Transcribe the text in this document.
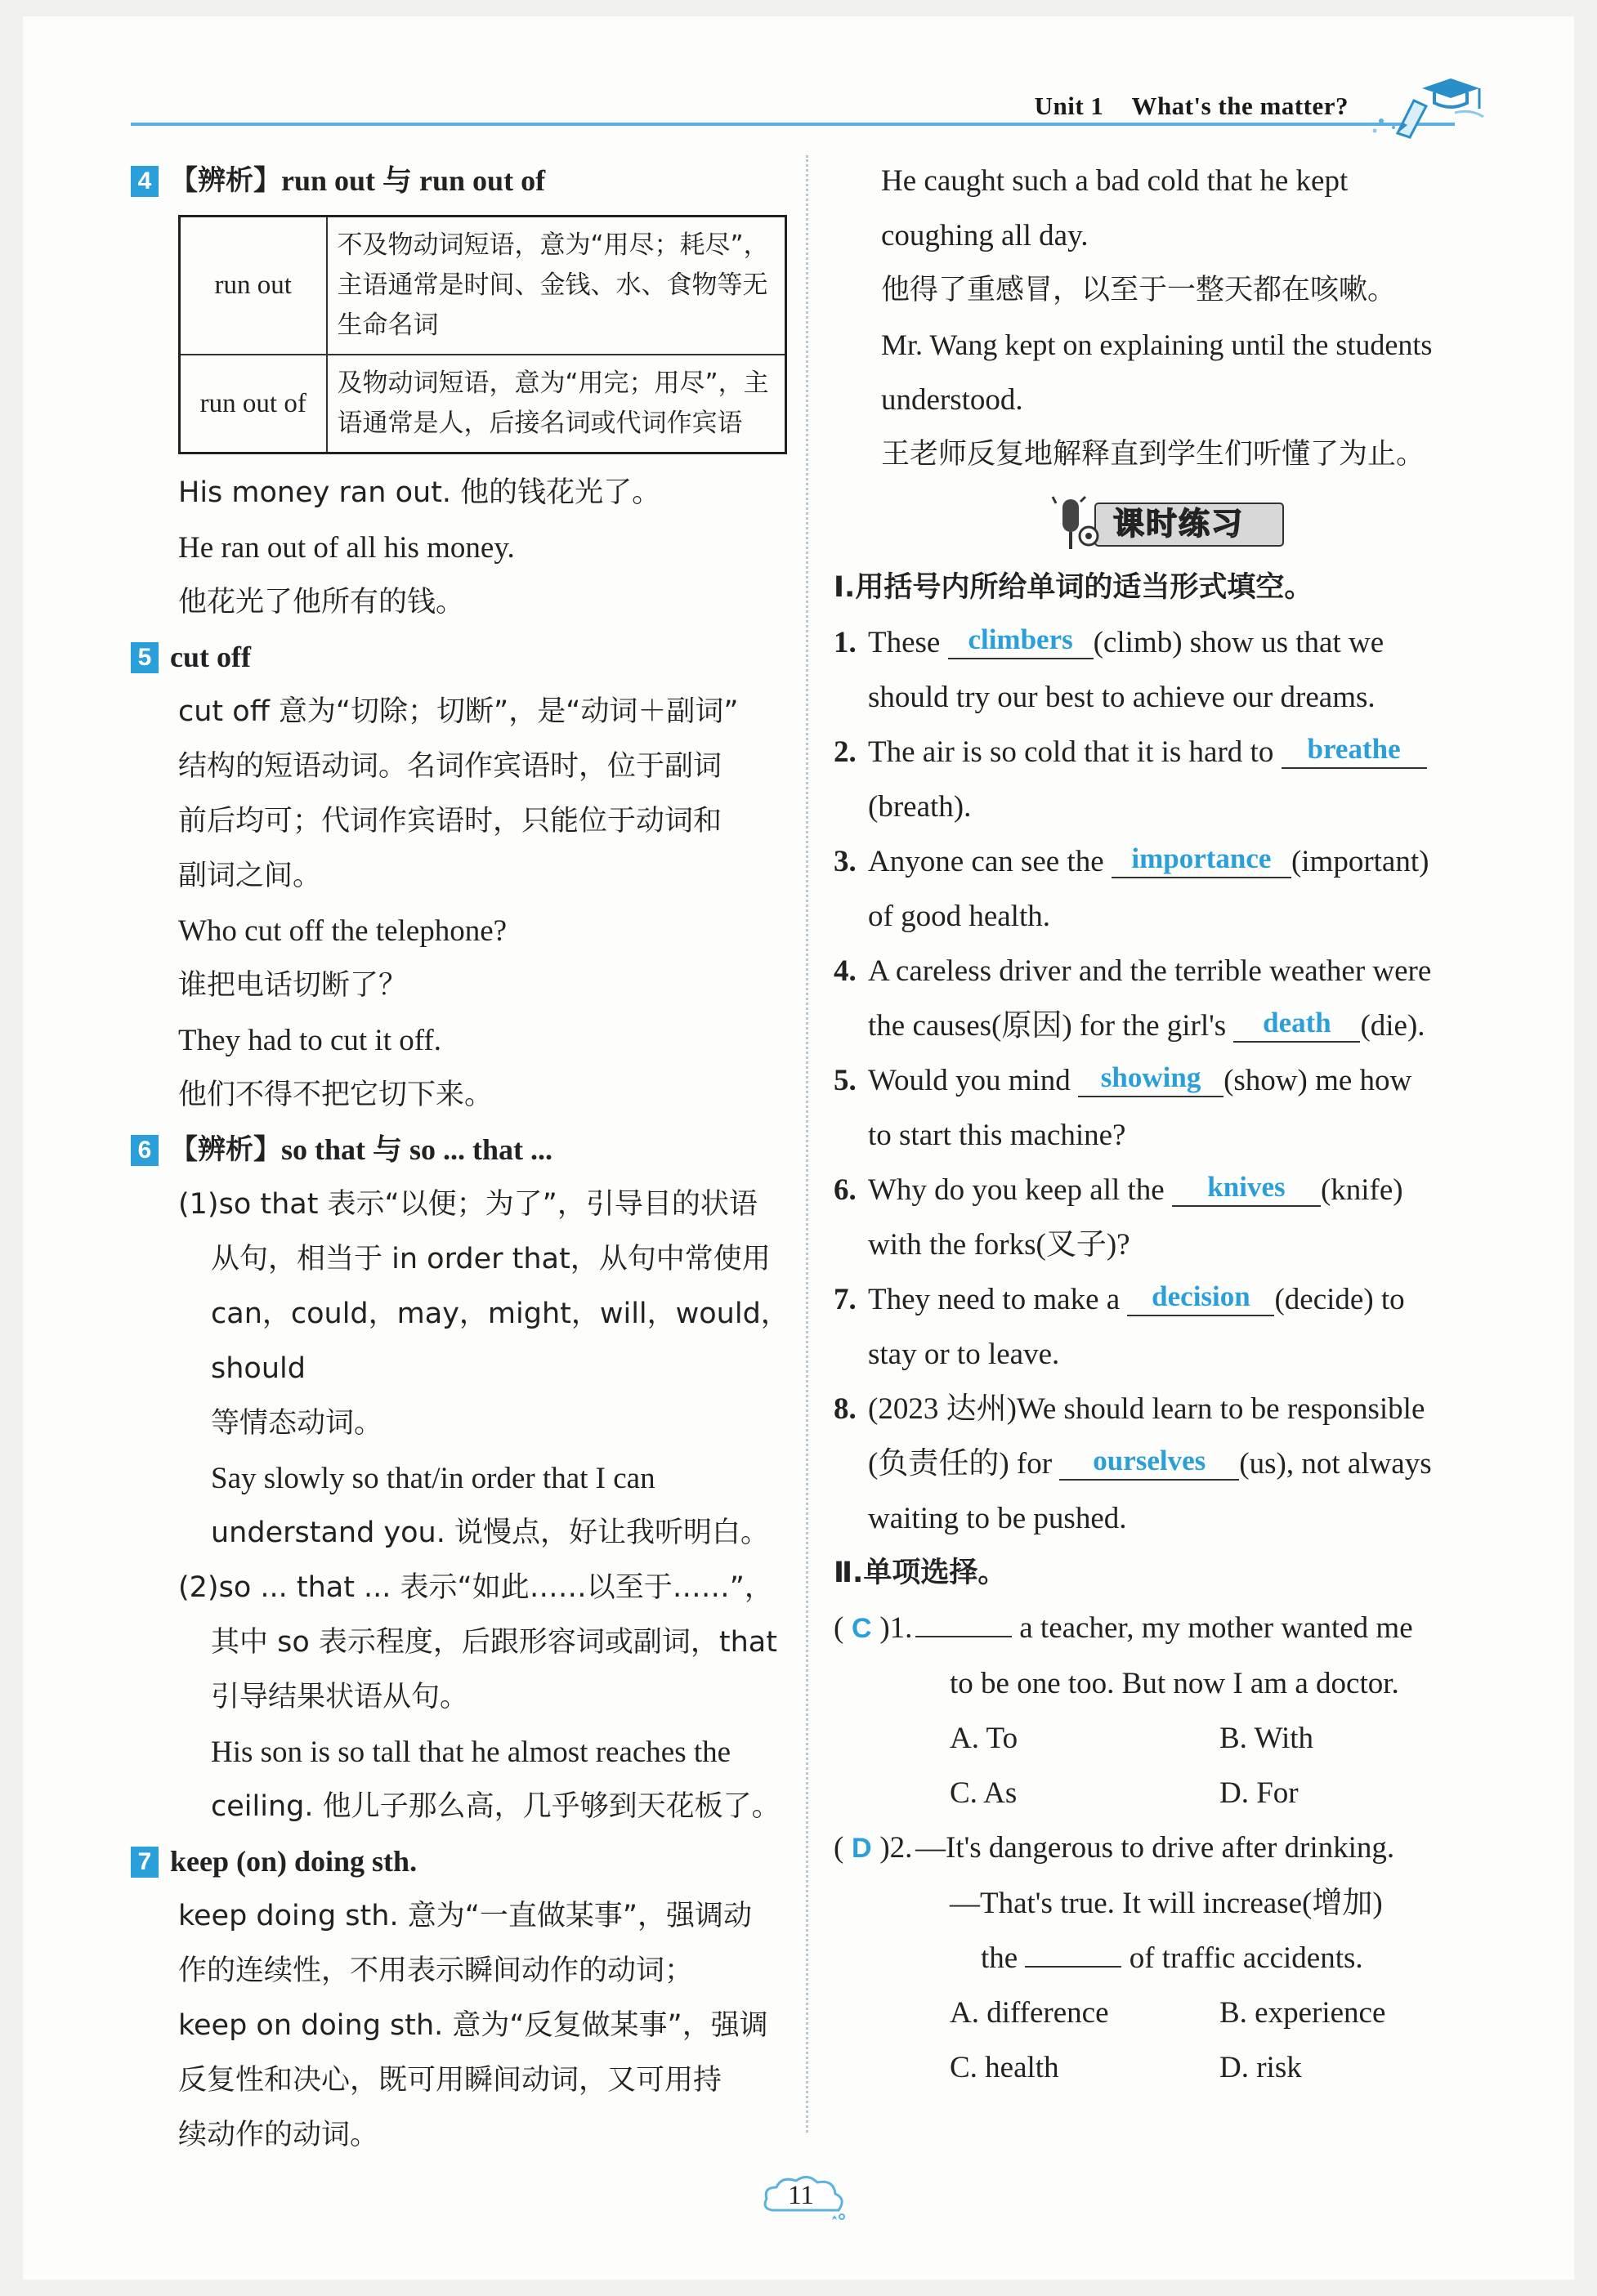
Unit 1 What's the matter?
4 【辨析】 run out 与 run out of
run out	不及物动词短语，意为“用尽；耗尽”，主语通常是时间、金钱、水、食物等无生命名词
run out of	及物动词短语，意为“用完；用尽”，主语通常是人，后接名词或代词作宾语
His money ran out. 他的钱花光了。
He ran out of all his money.
他花光了他所有的钱。
5 cut off
cut off 意为“切除；切断”，是“动词＋副词”
结构的短语动词。名词作宾语时，位于副词
前后均可；代词作宾语时，只能位于动词和
副词之间。
Who cut off the telephone?
谁把电话切断了？
They had to cut it off.
他们不得不把它切下来。
6 【辨析】 so that 与 so ... that ...
(1)so that 表示“以便；为了”，引导目的状语
从句，相当于 in order that，从句中常使用
can，could，may，might，will，would，should
等情态动词。
Say slowly so that/in order that I can
understand you. 说慢点，好让我听明白。
(2)so ... that ... 表示“如此……以至于……”，
其中 so 表示程度，后跟形容词或副词，that
引导结果状语从句。
His son is so tall that he almost reaches the
ceiling. 他儿子那么高，几乎够到天花板了。
7 keep (on) doing sth.
keep doing sth. 意为“一直做某事”，强调动
作的连续性，不用表示瞬间动作的动词；
keep on doing sth. 意为“反复做某事”，强调
反复性和决心，既可用瞬间动词，又可用持
续动作的动词。
He caught such a bad cold that he kept
coughing all day.
他得了重感冒，以至于一整天都在咳嗽。
Mr. Wang kept on explaining until the students
understood.
王老师反复地解释直到学生们听懂了为止。
课时练习
Ⅰ.用括号内所给单词的适当形式填空。
1. These climbers (climb) show us that we
should try our best to achieve our dreams.
2. The air is so cold that it is hard to breathe
(breath).
3. Anyone can see the importance (important)
of good health.
4. A careless driver and the terrible weather were
the causes(原因) for the girl's death (die).
5. Would you mind showing (show) me how
to start this machine?
6. Why do you keep all the knives (knife)
with the forks(叉子)?
7. They need to make a decision (decide) to
stay or to leave.
8. (2023 达州)We should learn to be responsible
(负责任的) for ourselves (us), not always
waiting to be pushed.
Ⅱ.单项选择。
( C )1.	a teacher, my mother wanted me
to be one too. But now I am a doctor.
A. To	B. With
C. As	D. For
( D )2. —It's dangerous to drive after drinking.
—That's true. It will increase(增加)
the	of traffic accidents.
A. difference	B. experience
C. health	D. risk
11
